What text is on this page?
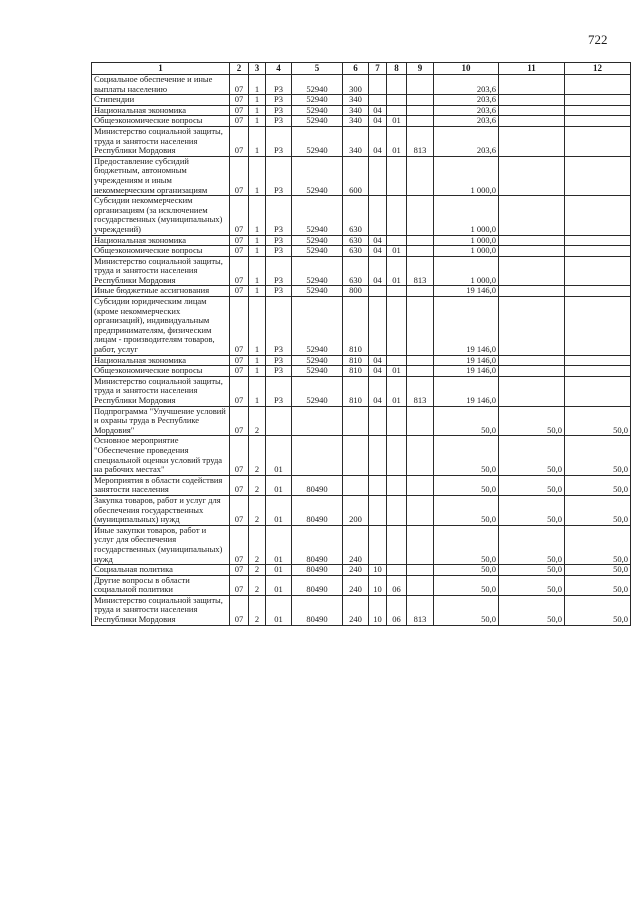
722
1	2	3	4	5	6	7	8	9	10	11	12
Социальное обеспечение и иные выплаты населению	07	1	Р3	52940	300				203,6		
Стипендии	07	1	Р3	52940	340				203,6		
Национальная экономика	07	1	Р3	52940	340	04			203,6		
Общеэкономические вопросы	07	1	Р3	52940	340	04	01		203,6		
Министерство социальной защиты, труда и занятости населения Республики Мордовия	07	1	Р3	52940	340	04	01	813	203,6		
Предоставление субсидий бюджетным, автономным учреждениям и иным некоммерческим организациям	07	1	Р3	52940	600				1 000,0		
Субсидии некоммерческим организациям (за исключением государственных (муниципальных) учреждений)	07	1	Р3	52940	630				1 000,0		
Национальная экономика	07	1	Р3	52940	630	04			1 000,0		
Общеэкономические вопросы	07	1	Р3	52940	630	04	01		1 000,0		
Министерство социальной защиты, труда и занятости населения Республики Мордовия	07	1	Р3	52940	630	04	01	813	1 000,0		
Иные бюджетные ассигнования	07	1	Р3	52940	800				19 146,0		
Субсидии юридическим лицам (кроме некоммерческих организаций), индивидуальным предпринимателям, физическим лицам - производителям товаров, работ, услуг	07	1	Р3	52940	810				19 146,0		
Национальная экономика	07	1	Р3	52940	810	04			19 146,0		
Общеэкономические вопросы	07	1	Р3	52940	810	04	01		19 146,0		
Министерство социальной защиты, труда и занятости населения Республики Мордовия	07	1	Р3	52940	810	04	01	813	19 146,0		
Подпрограмма "Улучшение условий и охраны труда в Республике Мордовия"	07	2							50,0	50,0	50,0
Основное мероприятие "Обеспечение проведения специальной оценки условий труда на рабочих местах"	07	2	01						50,0	50,0	50,0
Мероприятия в области содействия занятости населения	07	2	01	80490					50,0	50,0	50,0
Закупка товаров, работ и услуг для обеспечения государственных (муниципальных) нужд	07	2	01	80490	200				50,0	50,0	50,0
Иные закупки товаров, работ и услуг для обеспечения государственных (муниципальных) нужд	07	2	01	80490	240				50,0	50,0	50,0
Социальная политика	07	2	01	80490	240	10			50,0	50,0	50,0
Другие вопросы в области социальной политики	07	2	01	80490	240	10	06		50,0	50,0	50,0
Министерство социальной защиты, труда и занятости населения Республики Мордовия	07	2	01	80490	240	10	06	813	50,0	50,0	50,0
